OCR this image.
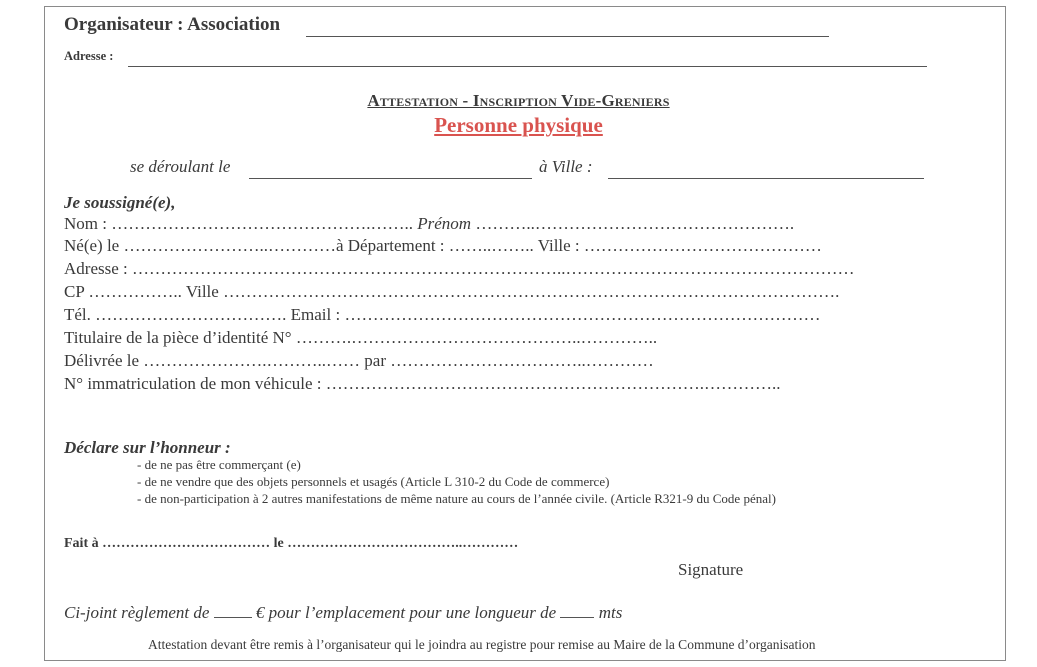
Organisateur : Association
Adresse :
Attestation - Inscription Vide-Greniers
Personne physique
se déroulant le	à Ville :
Je soussigné(e),
Nom : ……………………………………….…….. Prénom ………..……………………………………….
Né(e) le ……………………..…………à Département : ……..…….. Ville : ……………………………………
Adresse : …………………………………………………………………..……………………………………………
CP …………….. Ville ……………………………………………………………………………………………….
Tél. ……………………………. Email : …………………………………………………………………………
Titulaire de la pièce d’identité N° ……….…………………………………..…………..
Délivrée le ………………….………..…… par ……………………………..…………
N° immatriculation de mon véhicule : ………………………………………………………….…………..
Déclare sur l’honneur :
- de ne pas être commerçant (e)
- de ne vendre que des objets personnels et usagés (Article L 310-2 du Code de commerce)
- de non-participation à 2 autres manifestations de même nature au cours de l’année civile. (Article R321-9 du Code pénal)
Fait à ……………………………… le ………………………………..…………
Signature
Ci-joint règlement de	€ pour l’emplacement pour une longueur de	mts
Attestation devant être remis à l’organisateur qui le joindra au registre pour remise au Maire de la Commune d’organisation
